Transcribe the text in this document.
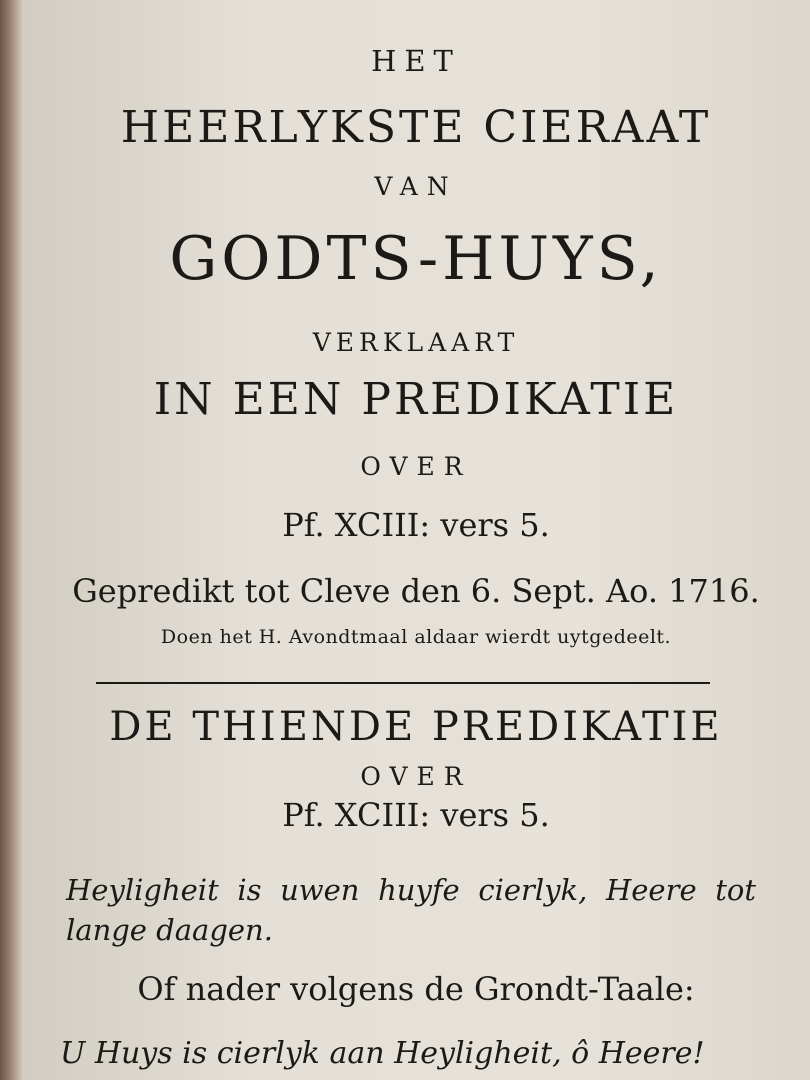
HET
HEERLYKSTE CIERAAT
VAN
GODTS-HUYS,
VERKLAART
IN EEN PREDIKATIE
OVER
Pf. XCIII: vers 5.
Gepredikt tot Cleve den 6. Sept. Ao. 1716.
Doen het H. Avondtmaal aldaar wierdt uytgedeelt.
DE THIENDE PREDIKATIE
OVER
Pf. XCIII: vers 5.
Heyligheit is uwen huyfe cierlyk, Heere tot lange daagen.
Of nader volgens de Grondt-Taale:
U Huys is cierlyk aan Heyligheit, ô Heere!
